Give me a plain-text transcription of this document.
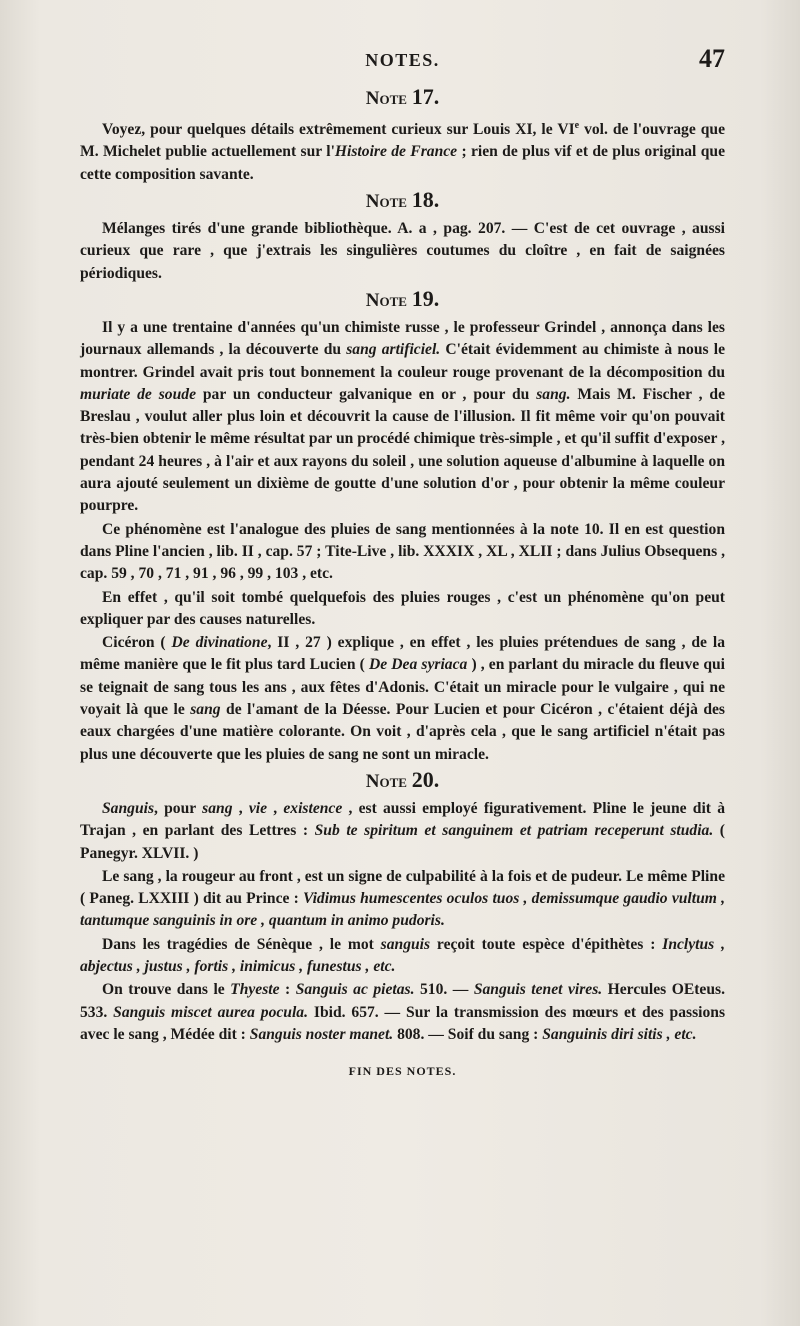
NOTES.	47
Note 17.

Voyez, pour quelques détails extrêmement curieux sur Louis XI, le VIe vol. de l'ouvrage que M. Michelet publie actuellement sur l'Histoire de France ; rien de plus vif et de plus original que cette composition savante.

Note 18.

Mélanges tirés d'une grande bibliothèque. A. a , pag. 207. — C'est de cet ouvrage , aussi curieux que rare , que j'extrais les singulières coutumes du cloître , en fait de saignées périodiques.

Note 19.

Il y a une trentaine d'années qu'un chimiste russe , le professeur Grindel , annonça dans les journaux allemands , la découverte du sang artificiel. C'était évidemment au chimiste à nous le montrer. Grindel avait pris tout bonnement la couleur rouge provenant de la décomposition du muriate de soude par un conducteur galvanique en or , pour du sang. Mais M. Fischer , de Breslau , voulut aller plus loin et découvrit la cause de l'illusion. Il fit même voir qu'on pouvait très-bien obtenir le même résultat par un procédé chimique très-simple , et qu'il suffit d'exposer , pendant 24 heures , à l'air et aux rayons du soleil , une solution aqueuse d'albumine à laquelle on aura ajouté seulement un dixième de goutte d'une solution d'or , pour obtenir la même couleur pourpre.

Ce phénomène est l'analogue des pluies de sang mentionnées à la note 10. Il en est question dans Pline l'ancien , lib. II , cap. 57 ; Tite-Live , lib. XXXIX , XL , XLII ; dans Julius Obsequens , cap. 59 , 70 , 71 , 91 , 96 , 99 , 103 , etc.

En effet , qu'il soit tombé quelquefois des pluies rouges , c'est un phénomène qu'on peut expliquer par des causes naturelles.

Cicéron ( De divinatione, II , 27 ) explique , en effet , les pluies prétendues de sang , de la même manière que le fit plus tard Lucien ( De Dea syriaca ) , en parlant du miracle du fleuve qui se teignait de sang tous les ans , aux fêtes d'Adonis. C'était un miracle pour le vulgaire , qui ne voyait là que le sang de l'amant de la Déesse. Pour Lucien et pour Cicéron , c'étaient déjà des eaux chargées d'une matière colorante. On voit , d'après cela , que le sang artificiel n'était pas plus une découverte que les pluies de sang ne sont un miracle.

Note 20.

Sanguis, pour sang , vie , existence , est aussi employé figurativement. Pline le jeune dit à Trajan , en parlant des Lettres : Sub te spiritum et sanguinem et patriam receperunt studia. ( Panegyr. XLVII. )

Le sang , la rougeur au front , est un signe de culpabilité à la fois et de pudeur. Le même Pline ( Paneg. LXXIII ) dit au Prince : Vidimus humescentes oculos tuos , demissumque gaudio vultum , tantumque sanguinis in ore , quantum in animo pudoris.

Dans les tragédies de Sénèque , le mot sanguis reçoit toute espèce d'épithètes : Inclytus , abjectus , justus , fortis , inimicus , funestus , etc.

On trouve dans le Thyeste : Sanguis ac pietas. 510. — Sanguis tenet vires. Hercules OEteus. 533. Sanguis miscet aurea pocula. Ibid. 657. — Sur la transmission des mœurs et des passions avec le sang , Médée dit : Sanguis noster manet. 808. — Soif du sang : Sanguinis diri sitis , etc.

FIN DES NOTES.
